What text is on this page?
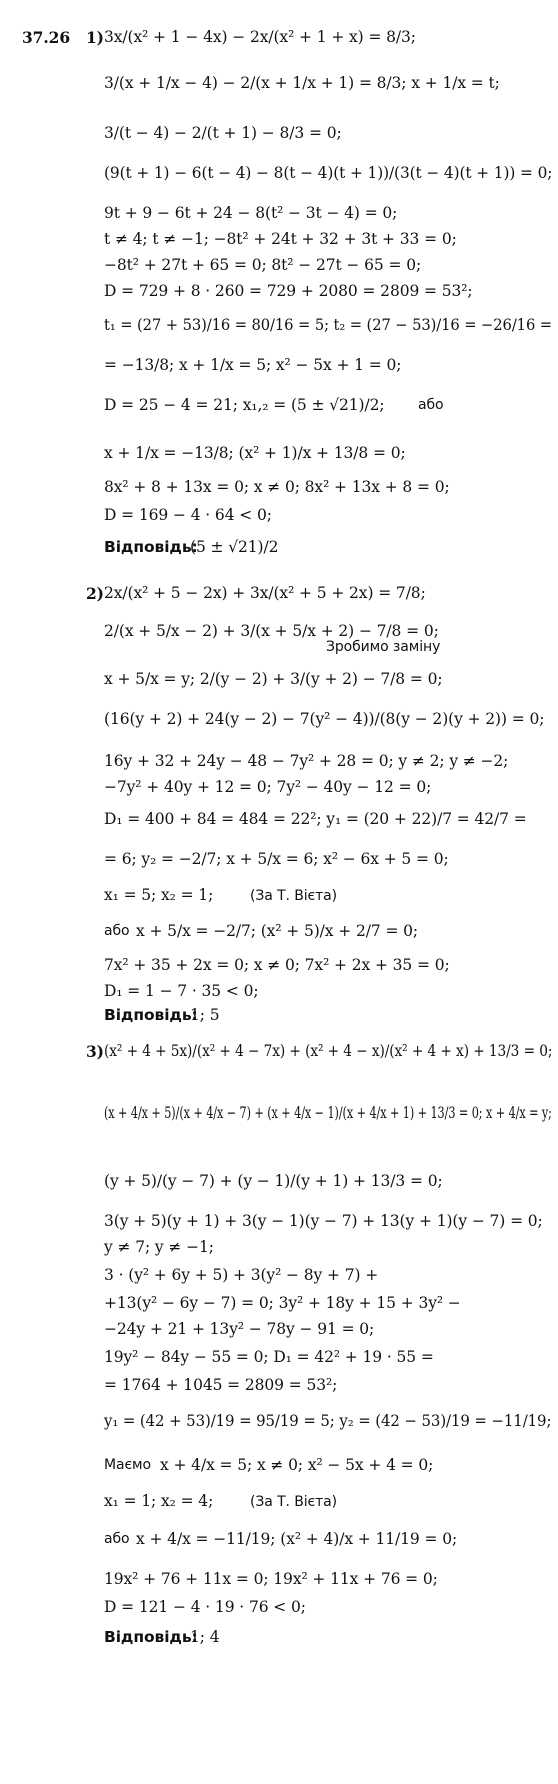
37.26 1) 3x/(x² + 1 − 4x) − 2x/(x² + 1 + x) = 8/3;
3/(x + 1/x − 4) − 2/(x + 1/x + 1) = 8/3; x + 1/x = t;
3/(t − 4) − 2/(t + 1) − 8/3 = 0;
(9(t + 1) − 6(t − 4) − 8(t − 4)(t + 1))/(3(t − 4)(t + 1)) = 0;
9t + 9 − 6t + 24 − 8(t² − 3t − 4) = 0;
t ≠ 4; t ≠ −1; −8t² + 24t + 32 + 3t + 33 = 0;
−8t² + 27t + 65 = 0; 8t² − 27t − 65 = 0;
D = 729 + 8 · 260 = 729 + 2080 = 2809 = 53²;
t₁ = (27 + 53)/16 = 80/16 = 5; t₂ = (27 − 53)/16 = −26/16 =
= −13/8; x + 1/x = 5; x² − 5x + 1 = 0;
D = 25 − 4 = 21; x₁,₂ = (5 ± √21)/2; або
x + 1/x = −13/8; (x² + 1)/x + 13/8 = 0;
8x² + 8 + 13x = 0; x ≠ 0; 8x² + 13x + 8 = 0;
D = 169 − 4 · 64 < 0;
Відповідь:
(5 ± √21)/2
2) 2x/(x² + 5 − 2x) + 3x/(x² + 5 + 2x) = 7/8;
2/(x + 5/x − 2) + 3/(x + 5/x + 2) − 7/8 = 0;
Зробимо заміну
x + 5/x = y; 2/(y − 2) + 3/(y + 2) − 7/8 = 0;
(16(y + 2) + 24(y − 2) − 7(y² − 4))/(8(y − 2)(y + 2)) = 0;
16y + 32 + 24y − 48 − 7y² + 28 = 0; y ≠ 2; y ≠ −2;
−7y² + 40y + 12 = 0; 7y² − 40y − 12 = 0;
D₁ = 400 + 84 = 484 = 22²; y₁ = (20 + 22)/7 = 42/7 =
= 6; y₂ = −2/7; x + 5/x = 6; x² − 6x + 5 = 0;
x₁ = 5; x₂ = 1;	(За Т. Вієта)
або x + 5/x = −2/7; (x² + 5)/x + 2/7 = 0;
7x² + 35 + 2x = 0; x ≠ 0; 7x² + 2x + 35 = 0;
D₁ = 1 − 7 · 35 < 0;
Відповідь:
1; 5
3) (x² + 4 + 5x)/(x² + 4 − 7x) + (x² + 4 − x)/(x² + 4 + x) + 13/3 = 0;
(x + 4/x + 5)/(x + 4/x − 7) + (x + 4/x − 1)/(x + 4/x + 1) + 13/3 = 0; x + 4/x = y;
(y + 5)/(y − 7) + (y − 1)/(y + 1) + 13/3 = 0;
3(y + 5)(y + 1) + 3(y − 1)(y − 7) + 13(y + 1)(y − 7) = 0;
y ≠ 7; y ≠ −1;
3 · (y² + 6y + 5) + 3(y² − 8y + 7) +
+13(y² − 6y − 7) = 0; 3y² + 18y + 15 + 3y² −
−24y + 21 + 13y² − 78y − 91 = 0;
19y² − 84y − 55 = 0; D₁ = 42² + 19 · 55 =
= 1764 + 1045 = 2809 = 53²;
y₁ = (42 + 53)/19 = 95/19 = 5; y₂ = (42 − 53)/19 = −11/19;
Маємо x + 4/x = 5; x ≠ 0; x² − 5x + 4 = 0;
x₁ = 1; x₂ = 4;	(За Т. Вієта)
або x + 4/x = −11/19; (x² + 4)/x + 11/19 = 0;
19x² + 76 + 11x = 0; 19x² + 11x + 76 = 0;
D = 121 − 4 · 19 · 76 < 0;
Відповідь:
1; 4
